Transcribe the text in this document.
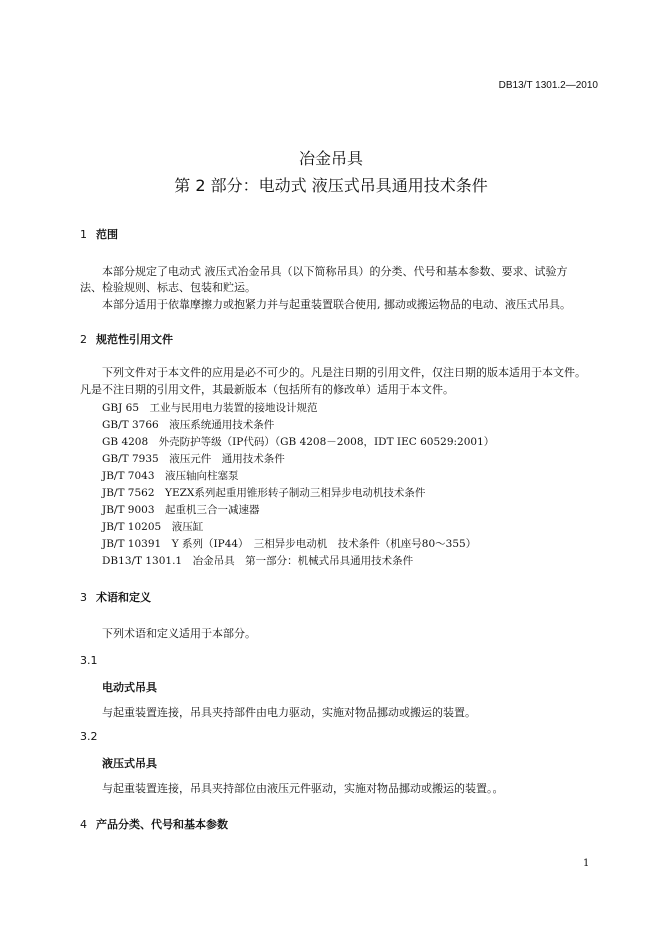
DB13/T 1301.2—2010
冶金吊具
第 2 部分：电动式 液压式吊具通用技术条件
1 范围
本部分规定了电动式 液压式冶金吊具（以下简称吊具）的分类、代号和基本参数、要求、试验方
法、检验规则、标志、包装和贮运。
本部分适用于依靠摩擦力或抱紧力并与起重装置联合使用, 挪动或搬运物品的电动、液压式吊具。
2 规范性引用文件
下列文件对于本文件的应用是必不可少的。凡是注日期的引用文件，仅注日期的版本适用于本文件。
凡是不注日期的引用文件，其最新版本（包括所有的修改单）适用于本文件。
GBJ 65　工业与民用电力装置的接地设计规范
GB/T 3766　液压系统通用技术条件
GB 4208　外壳防护等级（IP代码）（GB 4208－2008，IDT IEC 60529:2001）
GB/T 7935　液压元件　通用技术条件
JB/T 7043　液压轴向柱塞泵
JB/T 7562　YEZX系列起重用锥形转子制动三相异步电动机技术条件
JB/T 9003　起重机三合一减速器
JB/T 10205　液压缸
JB/T 10391　Y 系列（IP44）　三相异步电动机　技术条件（机座号80～355）
DB13/T 1301.1　冶金吊具　第一部分：机械式吊具通用技术条件
3 术语和定义
下列术语和定义适用于本部分。
3.1
电动式吊具
与起重装置连接，吊具夹持部件由电力驱动，实施对物品挪动或搬运的装置。
3.2
液压式吊具
与起重装置连接，吊具夹持部位由液压元件驱动，实施对物品挪动或搬运的装置。。
4 产品分类、代号和基本参数
1
